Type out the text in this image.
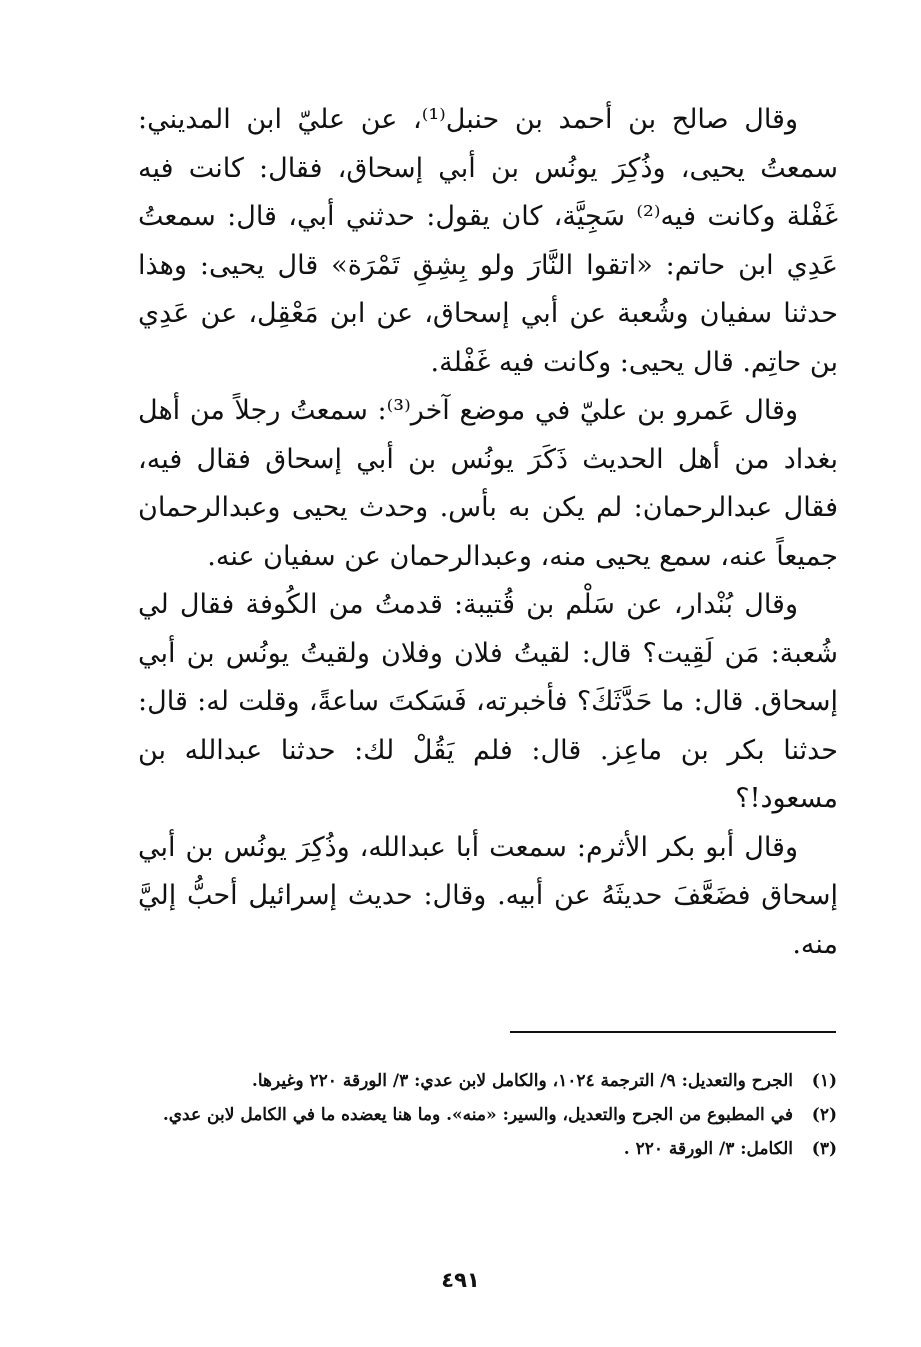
وقال صالح بن أحمد بن حنبل⁽¹⁾، عن عليّ ابن المديني: سمعتُ يحيى، وذُكِرَ يونُس بن أبي إسحاق، فقال: كانت فيه غَفْلة وكانت فيه⁽²⁾ سَجِيَّة، كان يقول: حدثني أبي، قال: سمعتُ عَدِي ابن حاتم: «اتقوا النَّارَ ولو بِشِقِ تَمْرَة» قال يحيى: وهذا حدثنا سفيان وشُعبة عن أبي إسحاق، عن ابن مَعْقِل، عن عَدِي بن حاتِم. قال يحيى: وكانت فيه غَفْلة.

وقال عَمرو بن عليّ في موضع آخر⁽³⁾: سمعتُ رجلاً من أهل بغداد من أهل الحديث ذَكَرَ يونُس بن أبي إسحاق فقال فيه، فقال عبدالرحمان: لم يكن به بأس. وحدث يحيى وعبدالرحمان جميعاً عنه، سمع يحيى منه، وعبدالرحمان عن سفيان عنه.

وقال بُنْدار، عن سَلْم بن قُتيبة: قدمتُ من الكُوفة فقال لي شُعبة: مَن لَقِيت؟ قال: لقيتُ فلان وفلان ولقيتُ يونُس بن أبي إسحاق. قال: ما حَدَّثَكَ؟ فأخبرته، فَسَكتَ ساعةً، وقلت له: قال: حدثنا بكر بن ماعِز. قال: فلم يَقُلْ لك: حدثنا عبدالله بن مسعود!؟

وقال أبو بكر الأثرم: سمعت أبا عبدالله، وذُكِرَ يونُس بن أبي إسحاق فضَعَّفَ حديثَهُ عن أبيه. وقال: حديث إسرائيل أحبُّ إليَّ منه.

(١)
الجرح والتعديل: ٩/ الترجمة ١٠٢٤، والكامل لابن عدي: ٣/ الورقة ٢٢٠ وغيرها.
(٢)
في المطبوع من الجرح والتعديل، والسير: «منه». وما هنا يعضده ما في الكامل لابن عدي.
(٣)
الكامل: ٣/ الورقة ٢٢٠ .
٤٩١
